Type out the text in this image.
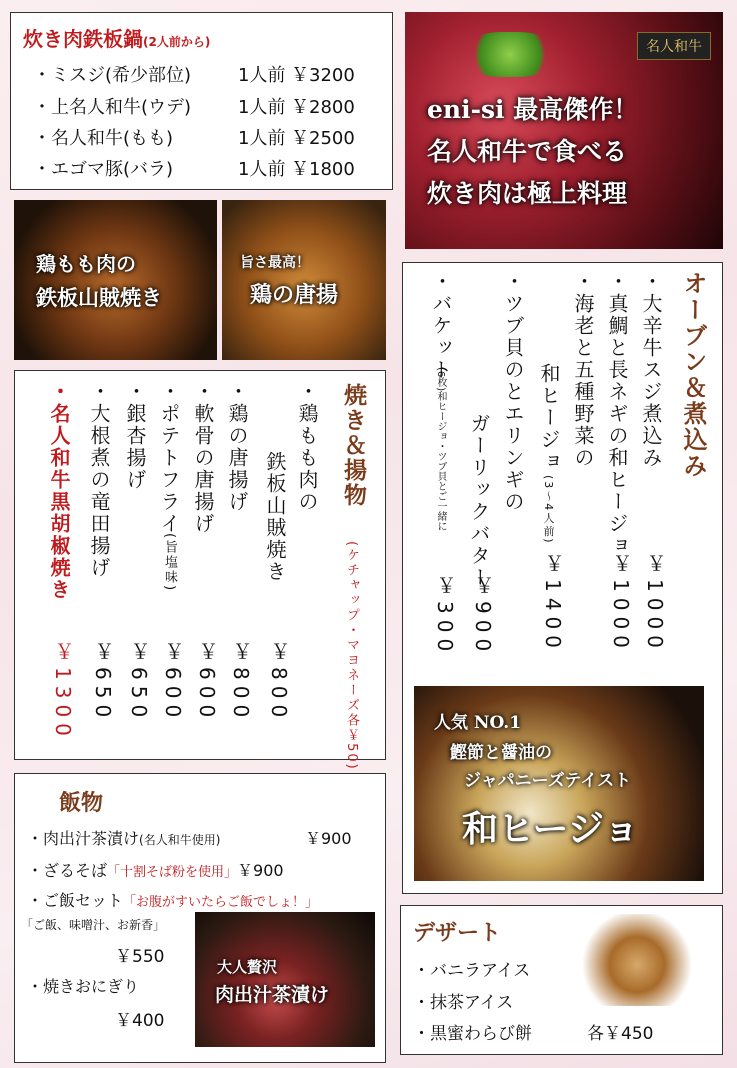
炊き肉鉄板鍋(2人前から)
・ミスジ(希少部位)	1人前 ￥3200
・上名人和牛(ウデ)	1人前 ￥2800
・名人和牛(もも)	1人前 ￥2500
・エゴマ豚(バラ)	1人前 ￥1800
名人和牛
eni-si 最高傑作！
名人和牛で食べる
炊き肉は極上料理
鶏もも肉の
鉄板山賊焼き
旨さ最高！
鶏の唐揚
焼き＆揚物
(ケチャップ・マヨネーズ各￥50)
・鶏もも肉の
鉄板山賊焼き
￥800
・鶏の唐揚げ
￥800
・軟骨の唐揚げ
￥600
・ポテトフライ
(旨塩味)
￥600
・銀杏揚げ
￥650
・大根煮の竜田揚げ
￥650
・名人和牛黒胡椒焼き
￥1300
オーブン＆煮込み
・大辛牛スジ煮込み
￥1000
・真鯛と長ネギの和ヒージョ
￥1000
・海老と五種野菜の
和ヒージョ
(3〜4人前)
￥1400
・ツブ貝のとエリンギの
ガーリックバター
￥900
・バケット
(6枚)和ヒージョ・ツブ貝とご一緒に
￥300
人気 NO.1
鰹節と醤油の
ジャパニーズテイスト
和ヒージョ
飯物
・肉出汁茶漬け(名人和牛使用)	￥900
・ざるそば「十割そば粉を使用」￥900
・ご飯セット「お腹がすいたらご飯でしょ！」
「ご飯、味噌汁、お新香」
￥550
・焼きおにぎり
￥400
大人贅沢
肉出汁茶漬け
デザート
・バニラアイス
・抹茶アイス
・黒蜜わらび餅	各￥450
